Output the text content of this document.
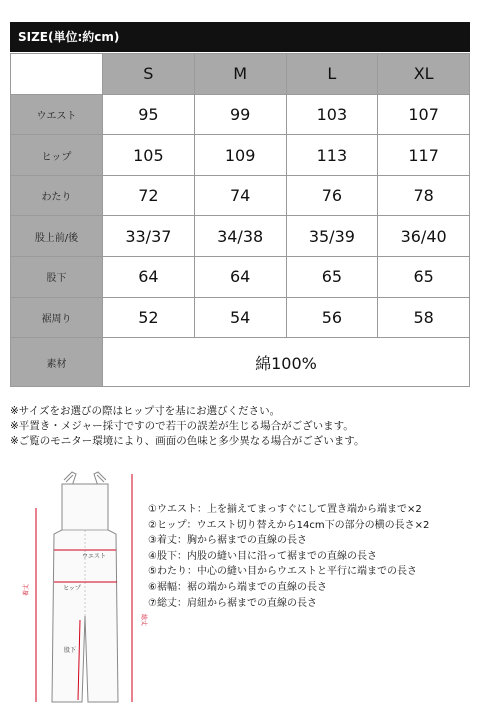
SIZE(単位:約cm)
	S	M	L	XL
ウエスト	95	99	103	107
ヒップ	105	109	113	117
わたり	72	74	76	78
股上前/後	33/37	34/38	35/39	36/40
股下	64	64	65	65
裾周り	52	54	56	58
素材	綿100%			
※サイズをお選びの際はヒップ寸を基にお選びください。
※平置き・メジャー採寸ですので若干の誤差が生じる場合がございます。
※ご覧のモニター環境により、画面の色味と多少異なる場合がございます。
ウエスト
ヒップ
股下
着丈
総丈
①ウエスト：上を揃えてまっすぐにして置き端から端まで×2
②ヒップ：ウエスト切り替えから14cm下の部分の横の長さ×2
③着丈：胸から裾までの直線の長さ
④股下：内股の縫い目に沿って裾までの直線の長さ
⑤わたり：中心の縫い目からウエストと平行に端までの長さ
⑥裾幅：裾の端から端までの直線の長さ
⑦総丈：肩紐から裾までの直線の長さ
